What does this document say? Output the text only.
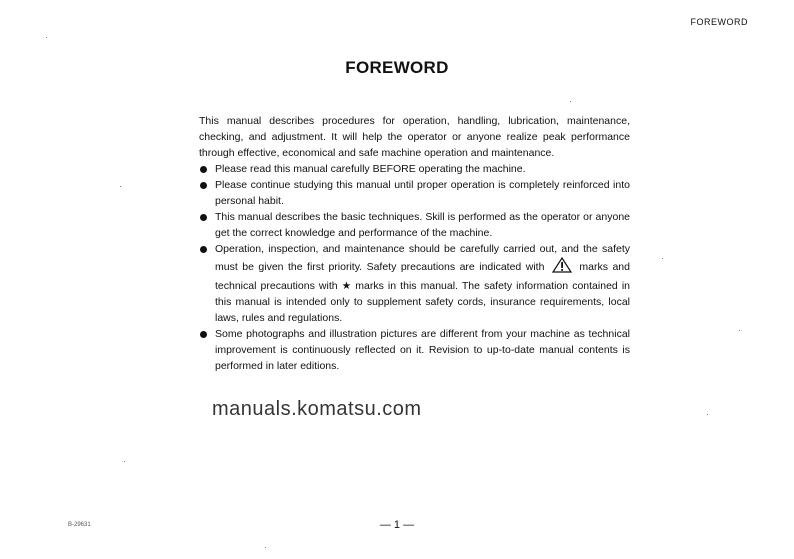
FOREWORD
FOREWORD

This manual describes procedures for operation, handling, lubrication, maintenance, checking, and adjustment. It will help the operator or anyone realize peak performance through effective, economical and safe machine operation and maintenance.

Please read this manual carefully BEFORE operating the machine.
Please continue studying this manual until proper operation is completely reinforced into personal habit.
This manual describes the basic techniques. Skill is performed as the operator or anyone get the correct knowledge and performance of the machine.
Operation, inspection, and maintenance should be carefully carried out, and the safety must be given the first priority. Safety precautions are indicated with	marks and technical precautions with ★ marks in this manual. The safety information contained in this manual is intended only to supplement safety cords, insurance requirements, local laws, rules and regulations.
Some photographs and illustration pictures are different from your machine as technical improvement is continuously reflected on it. Revision to up-to-date manual contents is performed in later editions.
manuals.komatsu.com
B-29631	— 1 —
